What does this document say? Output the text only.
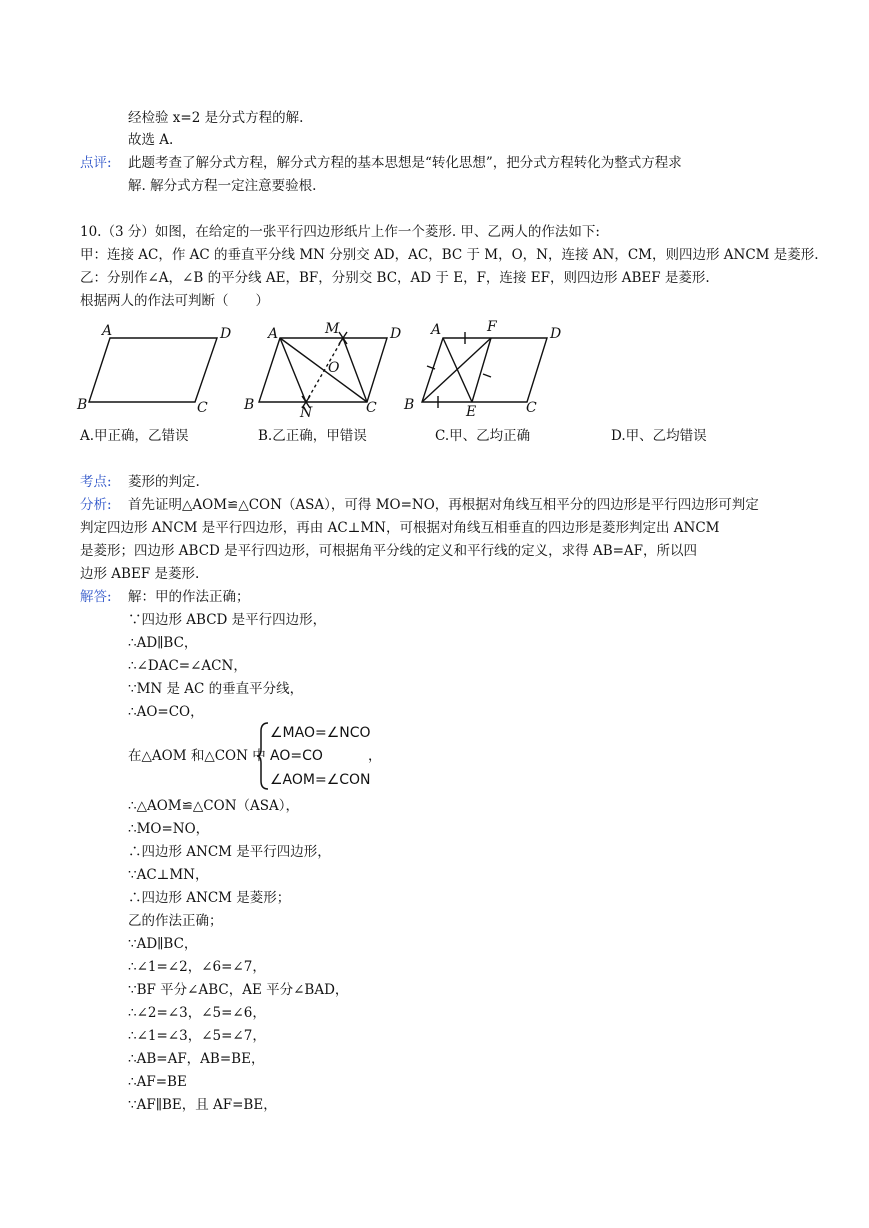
经检验 x=2 是分式方程的解.
故选 A.
点评: 此题考查了解分式方程，解分式方程的基本思想是“转化思想”，把分式方程转化为整式方程求
解. 解分式方程一定注意要验根.
10.（3 分）如图，在给定的一张平行四边形纸片上作一个菱形. 甲、乙两人的作法如下:
甲：连接 AC，作 AC 的垂直平分线 MN 分别交 AD，AC，BC 于 M，O，N，连接 AN，CM，则四边形 ANCM 是菱形.
乙：分别作∠A，∠B 的平分线 AE，BF，分别交 BC，AD 于 E，F，连接 EF，则四边形 ABEF 是菱形.
根据两人的作法可判断（　　）
A	D
B	C
A	M	D
O
B	N	C
A	F	D
B	E	C
A.甲正确，乙错误	B.乙正确，甲错误	C.甲、乙均正确	D.甲、乙均错误
考点: 菱形的判定.
分析: 首先证明△AOM≌△CON（ASA），可得 MO=NO，再根据对角线互相平分的四边形是平行四边形可判定
判定四边形 ANCM 是平行四边形，再由 AC⊥MN，可根据对角线互相垂直的四边形是菱形判定出 ANCM
是菱形；四边形 ABCD 是平行四边形，可根据角平分线的定义和平行线的定义，求得 AB=AF，所以四
边形 ABEF 是菱形.
解答: 解：甲的作法正确；
∵四边形 ABCD 是平行四边形，
∴AD∥BC，
∴∠DAC=∠ACN，
∵MN 是 AC 的垂直平分线，
∴AO=CO，
在△AOM 和△CON 中
∠MAO=∠NCO
AO=CO
∠AOM=∠CON
，
∴△AOM≌△CON（ASA），
∴MO=NO，
∴四边形 ANCM 是平行四边形，
∵AC⊥MN，
∴四边形 ANCM 是菱形；
乙的作法正确；
∵AD∥BC，
∴∠1=∠2，∠6=∠7，
∵BF 平分∠ABC，AE 平分∠BAD，
∴∠2=∠3，∠5=∠6，
∴∠1=∠3，∠5=∠7，
∴AB=AF，AB=BE，
∴AF=BE
∵AF∥BE，且 AF=BE，
